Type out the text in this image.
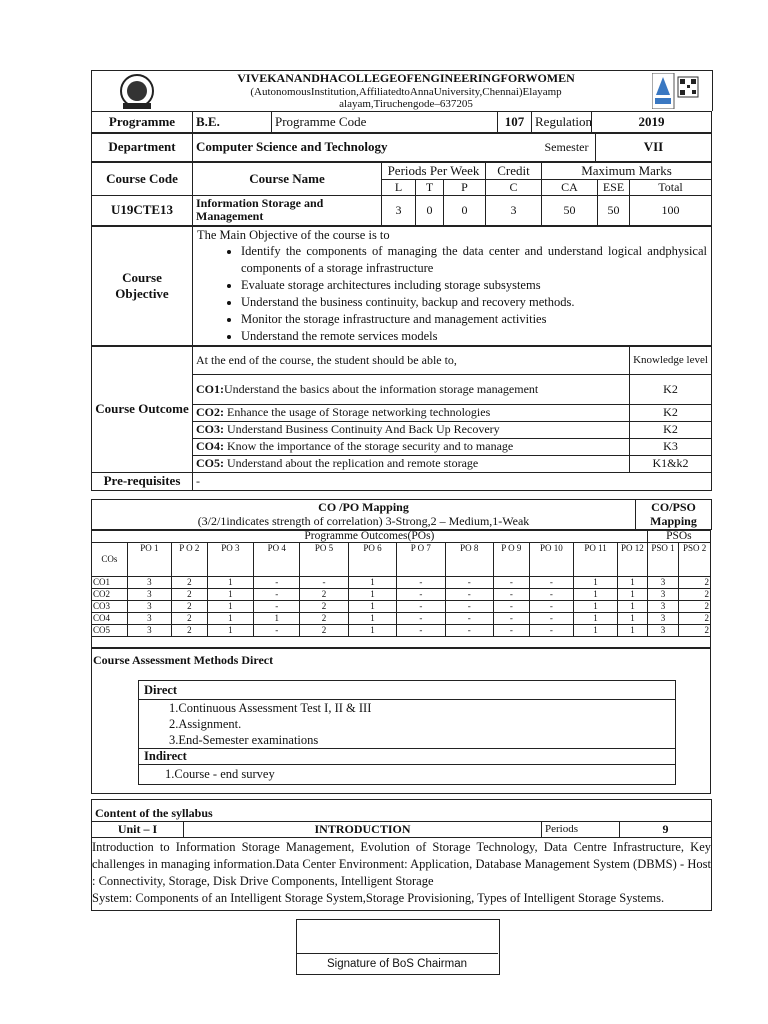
VIVEKANANDHACOLLEGEOFENGINEERINGFORWOMEN
(AutonomousInstitution,AffiliatedtoAnnaUniversity,Chennai)Elayamp
alayam,Tiruchengode–637205
Programme	B.E.	Programme Code	107	Regulation	2019
Department	Computer Science and Technology	Semester	VII
Course Code	Course Name	Periods Per Week			Credit	Maximum Marks		
		L	T	P	C	CA	ESE	Total
U19CTE13	Information Storage and Management	3	0	0	3	50	50	100
Course Objective	

The Main Objective of the course is to

• Identify the components of managing the data center and understand logical andphysical components of a storage infrastructure
• Evaluate storage architectures including storage subsystems
• Understand the business continuity, backup and recovery methods.
• Monitor the storage infrastructure and management activities
• Understand the remote services models
Course Outcome	At the end of the course, the student should be able to,	Knowledge level
	CO1:Understand the basics about the information storage management	K2
	CO2: Enhance the usage of Storage networking technologies	K2
	CO3: Understand Business Continuity And Back Up Recovery	K2
	CO4: Know the importance of the storage security and to manage	K3
	CO5: Understand about the replication and remote storage	K1&k2
Pre-requisites	-	
CO /PO Mapping
(3/2/1indicates strength of correlation) 3-Strong,2 – Medium,1-Weak
	CO/PSO Mapping
Programme Outcomes(POs)													PSOs	
COs	PO 1	P O 2	PO 3	PO 4	PO 5	PO 6	P O 7	PO 8	P O 9	PO 10	PO 11	PO 12	PSO 1	PSO 2
CO1	3	2	1	-	-	1	-	-	-	-	1	1	3	2
CO2	3	2	1	-	2	1	-	-	-	-	1	1	3	2
CO3	3	2	1	-	2	1	-	-	-	-	1	1	3	2
CO4	3	2	1	1	2	1	-	-	-	-	1	1	3	2
CO5	3	2	1	-	2	1	-	-	-	-	1	1	3	2
Course Assessment Methods Direct
Direct
1.Continuous Assessment Test I, II & III
2.Assignment.
3.End-Semester examinations
Indirect
1.Course - end survey
Content of the syllabus
Unit – I	INTRODUCTION	Periods	9

Introduction to Information Storage Management, Evolution of Storage Technology, Data Centre Infrastructure, Key challenges in managing information.Data Center Environment: Application, Database Management System (DBMS) - Host : Connectivity, Storage, Disk Drive Components, Intelligent Storage
System: Components of an Intelligent Storage System,Storage Provisioning, Types of Intelligent Storage Systems.
Signature of BoS Chairman
